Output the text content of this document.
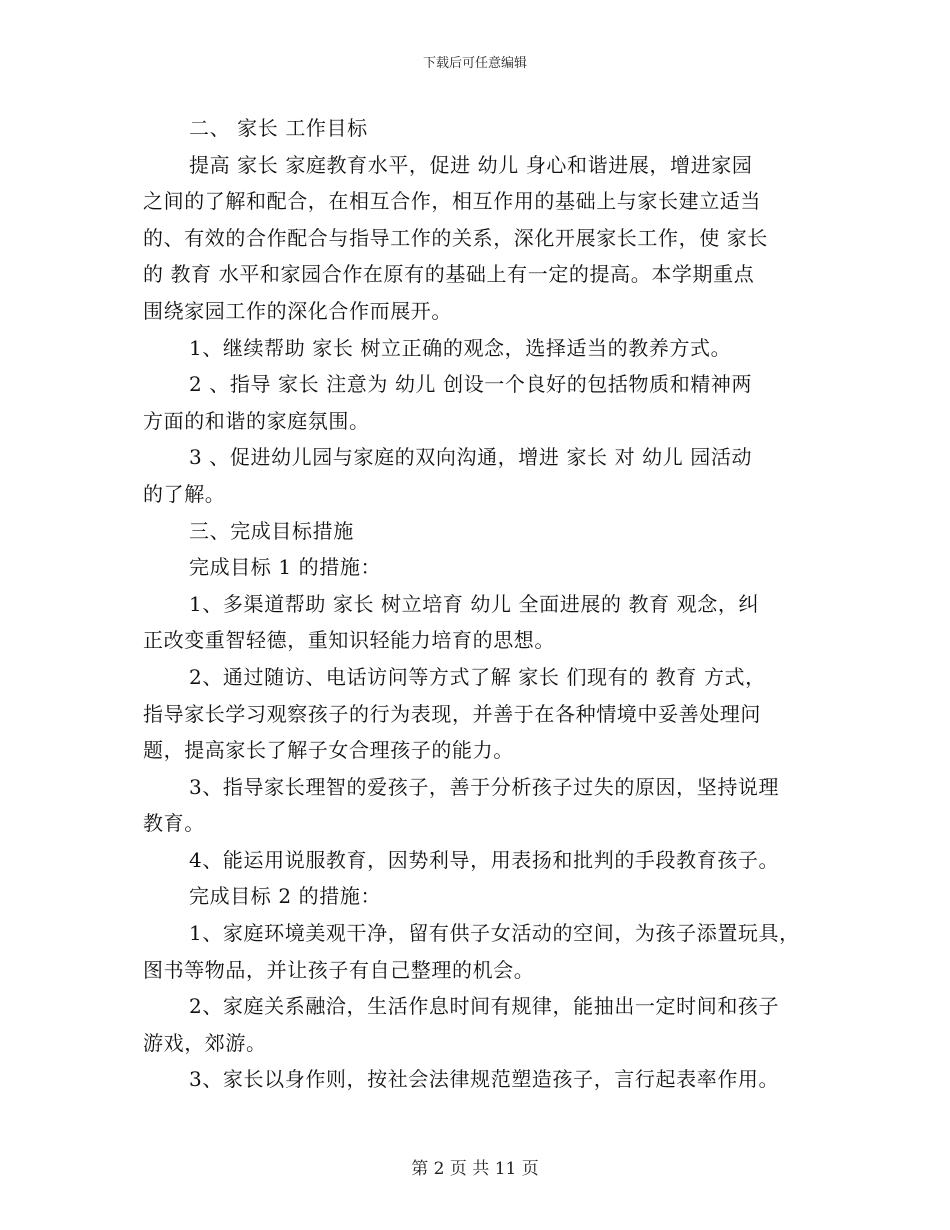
下载后可任意编辑
二、 家长 工作目标
提高 家长 家庭教育水平，促进 幼儿 身心和谐进展，增进家园
之间的了解和配合，在相互合作，相互作用的基础上与家长建立适当
的、有效的合作配合与指导工作的关系，深化开展家长工作，使 家长
的 教育 水平和家园合作在原有的基础上有一定的提高。本学期重点
围绕家园工作的深化合作而展开。
1、继续帮助 家长 树立正确的观念，选择适当的教养方式。
2 、指导 家长 注意为 幼儿 创设一个良好的包括物质和精神两
方面的和谐的家庭氛围。
3 、促进幼儿园与家庭的双向沟通，增进 家长 对 幼儿 园活动
的了解。
三、完成目标措施
完成目标 1 的措施：
1、多渠道帮助 家长 树立培育 幼儿 全面进展的 教育 观念，纠
正改变重智轻德，重知识轻能力培育的思想。
2、通过随访、电话访问等方式了解 家长 们现有的 教育 方式，
指导家长学习观察孩子的行为表现，并善于在各种情境中妥善处理问
题，提高家长了解子女合理孩子的能力。
3、指导家长理智的爱孩子，善于分析孩子过失的原因，坚持说理
教育。
4、能运用说服教育，因势利导，用表扬和批判的手段教育孩子。
完成目标 2 的措施：
1、家庭环境美观干净，留有供子女活动的空间，为孩子添置玩具，
图书等物品，并让孩子有自己整理的机会。
2、家庭关系融洽，生活作息时间有规律，能抽出一定时间和孩子
游戏，郊游。
3、家长以身作则，按社会法律规范塑造孩子，言行起表率作用。
第 2 页 共 11 页
